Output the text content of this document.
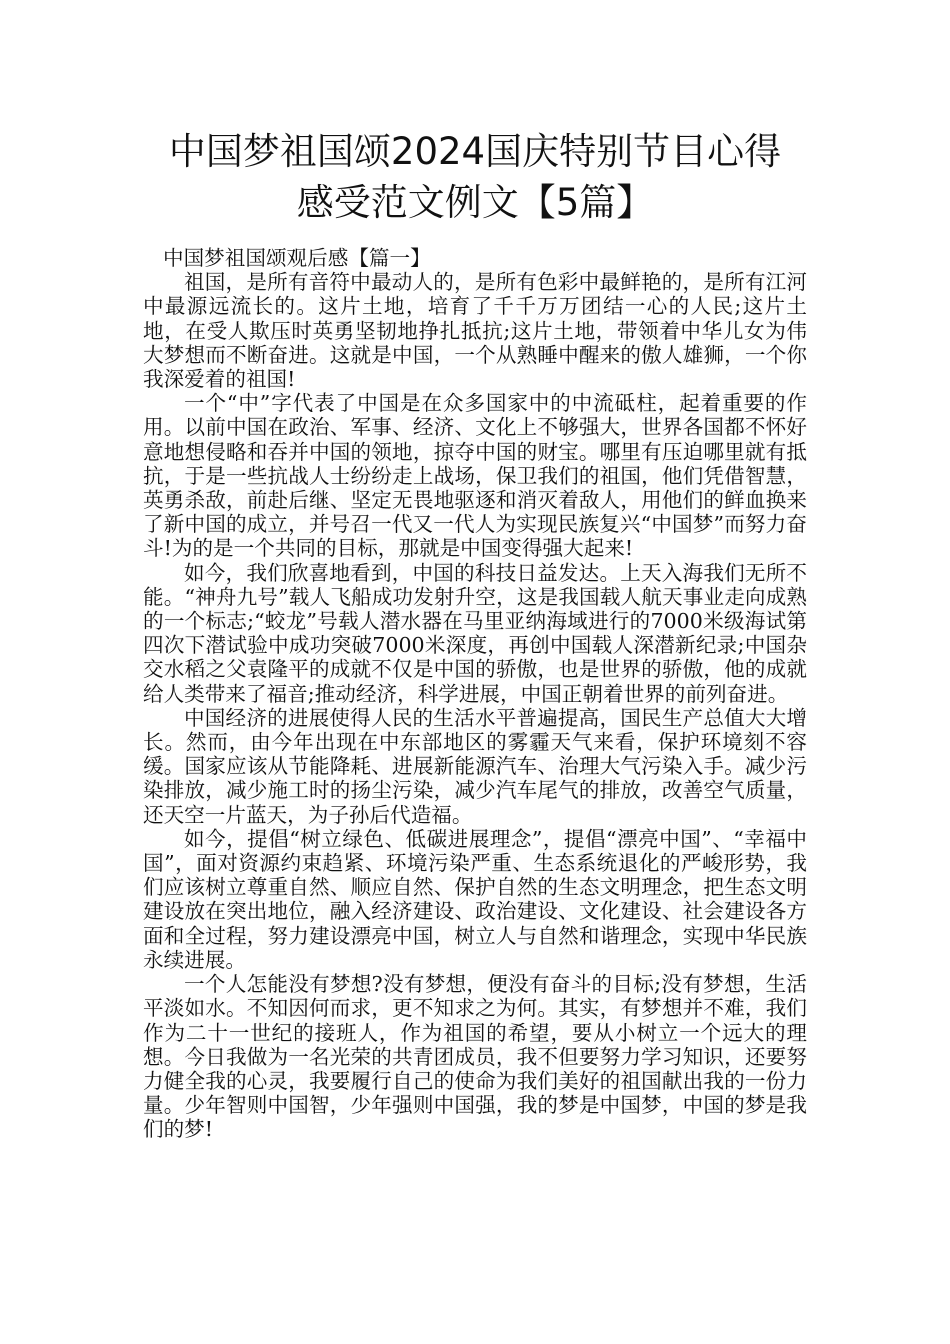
中国梦祖国颂2024国庆特别节目心得
感受范文例文【5篇】

中国梦祖国颂观后感【篇一】

祖国，是所有音符中最动人的，是所有色彩中最鲜艳的，是所有江河中最源远流长的。这片土地，培育了千千万万团结一心的人民;这片土地，在受人欺压时英勇坚韧地挣扎抵抗;这片土地，带领着中华儿女为伟大梦想而不断奋进。这就是中国，一个从熟睡中醒来的傲人雄狮，一个你我深爱着的祖国!

一个“中”字代表了中国是在众多国家中的中流砥柱，起着重要的作用。以前中国在政治、军事、经济、文化上不够强大，世界各国都不怀好意地想侵略和吞并中国的领地，掠夺中国的财宝。哪里有压迫哪里就有抵抗，于是一些抗战人士纷纷走上战场，保卫我们的祖国，他们凭借智慧，英勇杀敌，前赴后继、坚定无畏地驱逐和消灭着敌人，用他们的鲜血换来了新中国的成立，并号召一代又一代人为实现民族复兴“中国梦”而努力奋斗!为的是一个共同的目标，那就是中国变得强大起来!

如今，我们欣喜地看到，中国的科技日益发达。上天入海我们无所不能。“神舟九号”载人飞船成功发射升空，这是我国载人航天事业走向成熟的一个标志;“蛟龙”号载人潜水器在马里亚纳海域进行的7000米级海试第四次下潜试验中成功突破7000米深度，再创中国载人深潜新纪录;中国杂交水稻之父袁隆平的成就不仅是中国的骄傲，也是世界的骄傲，他的成就给人类带来了福音;推动经济，科学进展，中国正朝着世界的前列奋进。

中国经济的进展使得人民的生活水平普遍提高，国民生产总值大大增长。然而，由今年出现在中东部地区的雾霾天气来看，保护环境刻不容缓。国家应该从节能降耗、进展新能源汽车、治理大气污染入手。减少污染排放，减少施工时的扬尘污染，减少汽车尾气的排放，改善空气质量，还天空一片蓝天，为子孙后代造福。

如今，提倡“树立绿色、低碳进展理念”，提倡“漂亮中国”、“幸福中国”，面对资源约束趋紧、环境污染严重、生态系统退化的严峻形势，我们应该树立尊重自然、顺应自然、保护自然的生态文明理念，把生态文明建设放在突出地位，融入经济建设、政治建设、文化建设、社会建设各方面和全过程，努力建设漂亮中国，树立人与自然和谐理念，实现中华民族永续进展。

一个人怎能没有梦想?没有梦想，便没有奋斗的目标;没有梦想，生活平淡如水。不知因何而求，更不知求之为何。其实，有梦想并不难，我们作为二十一世纪的接班人，作为祖国的希望，要从小树立一个远大的理想。今日我做为一名光荣的共青团成员，我不但要努力学习知识，还要努力健全我的心灵，我要履行自己的使命为我们美好的祖国献出我的一份力量。少年智则中国智，少年强则中国强，我的梦是中国梦，中国的梦是我们的梦!
